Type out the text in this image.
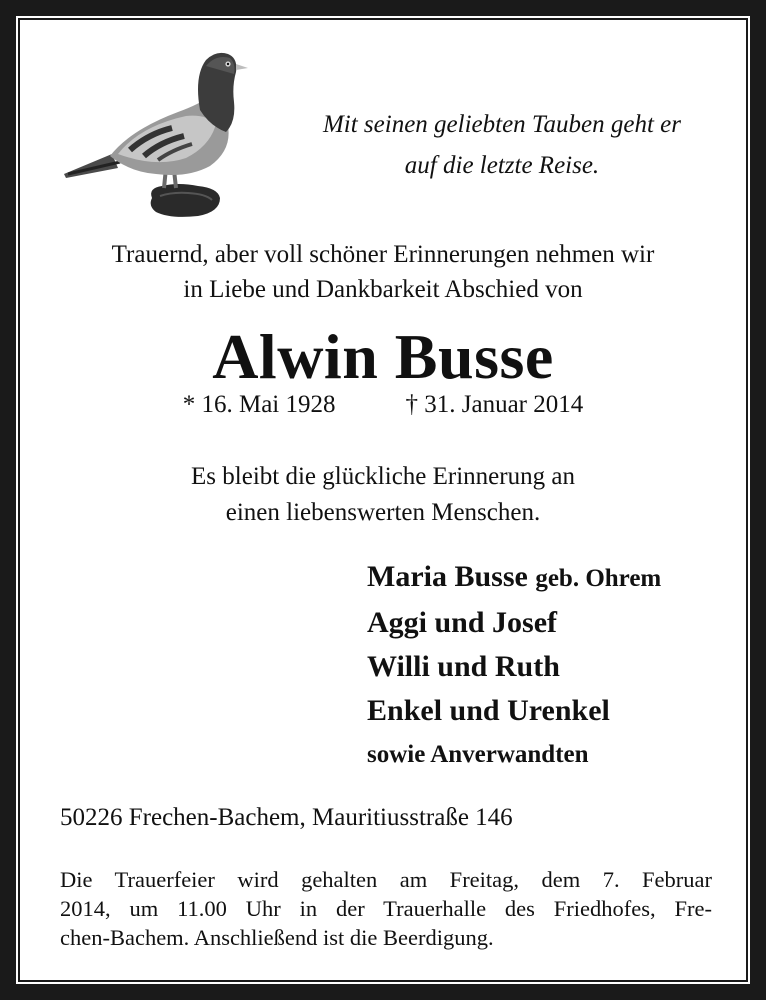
Mit seinen geliebten Tauben geht er
auf die letzte Reise.
Trauernd, aber voll schöner Erinnerungen nehmen wir
in Liebe und Dankbarkeit Abschied von
Alwin Busse
* 16. Mai 1928	† 31. Januar 2014
Es bleibt die glückliche Erinnerung an
einen liebenswerten Menschen.
Maria Busse geb. Ohrem
Aggi und Josef
Willi und Ruth
Enkel und Urenkel
sowie Anverwandten
50226 Frechen-Bachem, Mauritiusstraße 146
Die Trauerfeier wird gehalten am Freitag, dem 7. Februar
2014, um 11.00 Uhr in der Trauerhalle des Friedhofes, Fre-
chen-Bachem. Anschließend ist die Beerdigung.
